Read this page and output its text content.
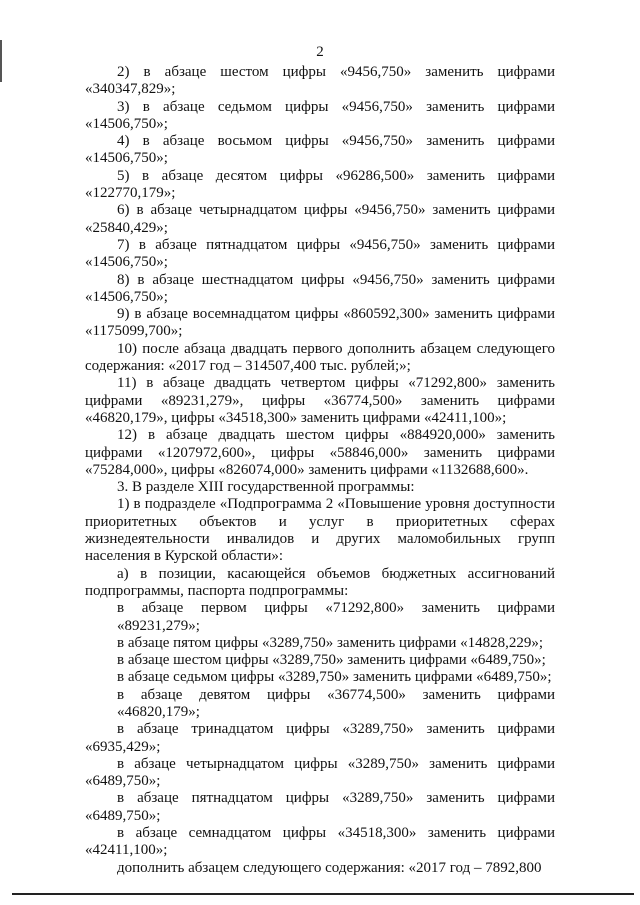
2

2) в абзаце шестом цифры «9456,750» заменить цифрами «340347,829»;

3) в абзаце седьмом цифры «9456,750» заменить цифрами «14506,750»;

4) в абзаце восьмом цифры «9456,750» заменить цифрами «14506,750»;

5) в абзаце десятом цифры «96286,500» заменить цифрами «122770,179»;

6) в абзаце четырнадцатом цифры «9456,750» заменить цифрами «25840,429»;

7) в абзаце пятнадцатом цифры «9456,750» заменить цифрами «14506,750»;

8) в абзаце шестнадцатом цифры «9456,750» заменить цифрами «14506,750»;

9) в абзаце восемнадцатом цифры «860592,300» заменить цифрами «1175099,700»;

10) после абзаца двадцать первого дополнить абзацем следующего содержания: «2017 год – 314507,400 тыс. рублей;»;

11) в абзаце двадцать четвертом цифры «71292,800» заменить цифрами «89231,279», цифры «36774,500» заменить цифрами «46820,179», цифры «34518,300» заменить цифрами «42411,100»;

12) в абзаце двадцать шестом цифры «884920,000» заменить цифрами «1207972,600», цифры «58846,000» заменить цифрами «75284,000», цифры «826074,000» заменить цифрами «1132688,600».

3. В разделе XIII государственной программы:

1) в подразделе «Подпрограмма 2 «Повышение уровня доступности приоритетных объектов и услуг в приоритетных сферах жизнедеятельности инвалидов и других маломобильных групп населения в Курской области»:

а) в позиции, касающейся объемов бюджетных ассигнований подпрограммы, паспорта подпрограммы:

в абзаце первом цифры «71292,800» заменить цифрами «89231,279»;

в абзаце пятом цифры «3289,750» заменить цифрами «14828,229»;

в абзаце шестом цифры «3289,750» заменить цифрами «6489,750»;

в абзаце седьмом цифры «3289,750» заменить цифрами «6489,750»;

в абзаце девятом цифры «36774,500» заменить цифрами «46820,179»;

в абзаце тринадцатом цифры «3289,750» заменить цифрами «6935,429»;

в абзаце четырнадцатом цифры «3289,750» заменить цифрами «6489,750»;

в абзаце пятнадцатом цифры «3289,750» заменить цифрами «6489,750»;

в абзаце семнадцатом цифры «34518,300» заменить цифрами «42411,100»;

дополнить абзацем следующего содержания: «2017 год – 7892,800
